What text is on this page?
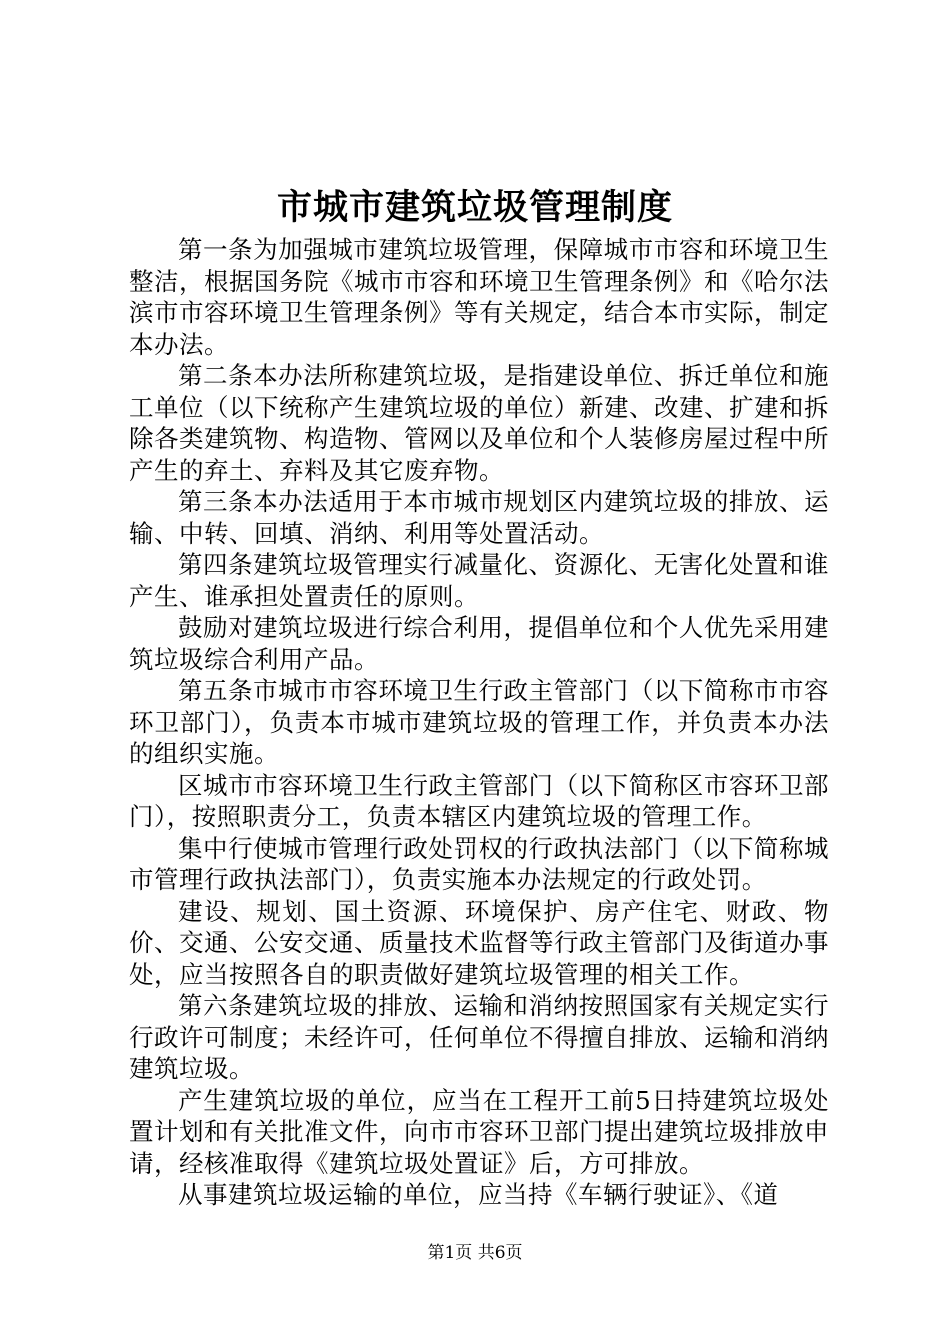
市城市建筑垃圾管理制度

第一条为加强城市建筑垃圾管理，保障城市市容和环境卫生整洁，根据国务院《城市市容和环境卫生管理条例》和《哈尔法滨市市容环境卫生管理条例》等有关规定，结合本市实际，制定本办法。

第二条本办法所称建筑垃圾，是指建设单位、拆迁单位和施工单位（以下统称产生建筑垃圾的单位）新建、改建、扩建和拆除各类建筑物、构造物、管网以及单位和个人装修房屋过程中所产生的弃土、弃料及其它废弃物。

第三条本办法适用于本市城市规划区内建筑垃圾的排放、运输、中转、回填、消纳、利用等处置活动。

第四条建筑垃圾管理实行减量化、资源化、无害化处置和谁产生、谁承担处置责任的原则。

鼓励对建筑垃圾进行综合利用，提倡单位和个人优先采用建筑垃圾综合利用产品。

第五条市城市市容环境卫生行政主管部门（以下简称市市容环卫部门），负责本市城市建筑垃圾的管理工作，并负责本办法的组织实施。

区城市市容环境卫生行政主管部门（以下简称区市容环卫部门），按照职责分工，负责本辖区内建筑垃圾的管理工作。

集中行使城市管理行政处罚权的行政执法部门（以下简称城市管理行政执法部门），负责实施本办法规定的行政处罚。

建设、规划、国土资源、环境保护、房产住宅、财政、物价、交通、公安交通、质量技术监督等行政主管部门及街道办事处，应当按照各自的职责做好建筑垃圾管理的相关工作。

第六条建筑垃圾的排放、运输和消纳按照国家有关规定实行行政许可制度；未经许可，任何单位不得擅自排放、运输和消纳建筑垃圾。

产生建筑垃圾的单位，应当在工程开工前5日持建筑垃圾处置计划和有关批准文件，向市市容环卫部门提出建筑垃圾排放申请，经核准取得《建筑垃圾处置证》后，方可排放。

从事建筑垃圾运输的单位，应当持《车辆行驶证》、《道

第1页 共6页
